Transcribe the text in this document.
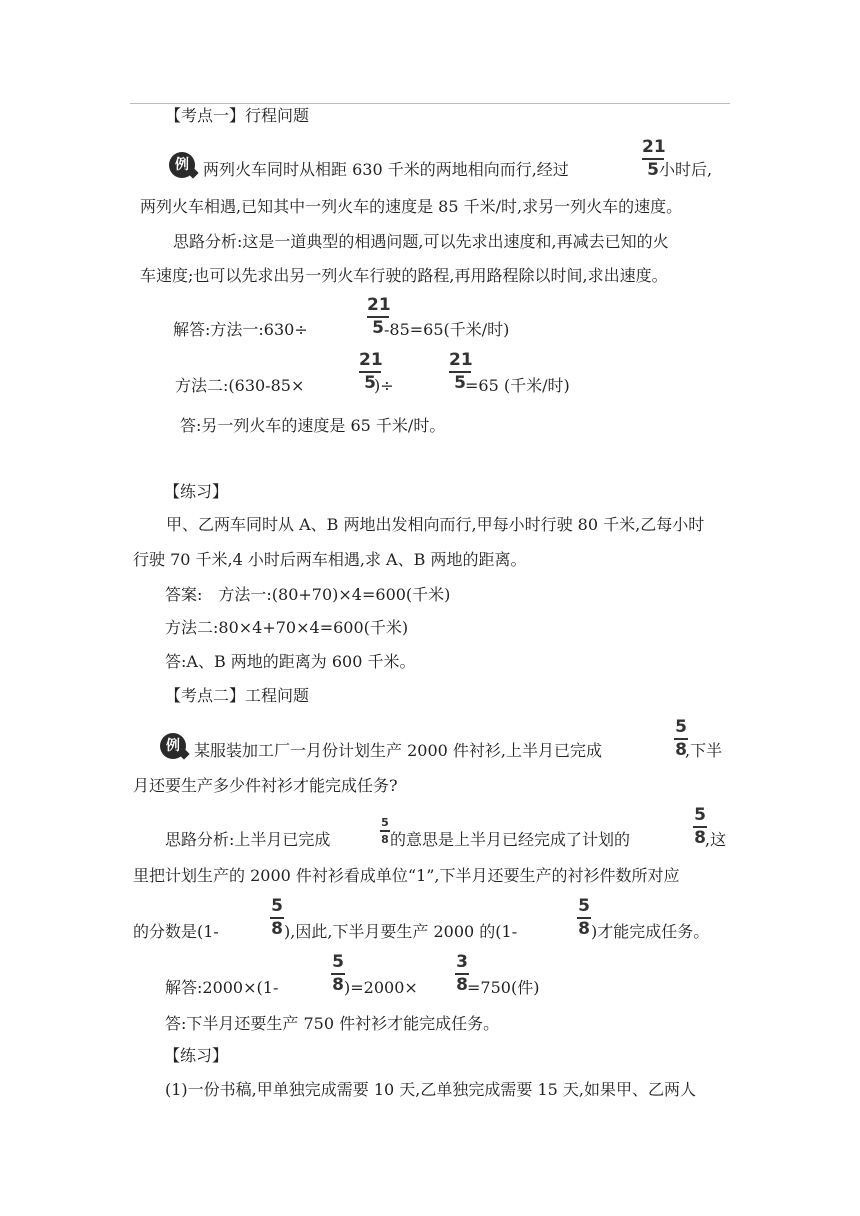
【考点一】行程问题
例 两列火车同时从相距 630 千米的两地相向而行,经过
21
5 小时后,
两列火车相遇,已知其中一列火车的速度是 85 千米/时,求另一列火车的速度。
思路分析:这是一道典型的相遇问题,可以先求出速度和,再减去已知的火
车速度;也可以先求出另一列火车行驶的路程,再用路程除以时间,求出速度。
解答:方法一:630÷
21
5 -85=65(千米/时)
方法二:(630-85×
21
5
)÷
21
5 =65 (千米/时)
答:另一列火车的速度是 65 千米/时。
【练习】
甲、乙两车同时从 A、B 两地出发相向而行,甲每小时行驶 80 千米,乙每小时
行驶 70 千米,4 小时后两车相遇,求 A、B 两地的距离。
答案:　方法一:(80+70)×4=600(千米)
方法二:80×4+70×4=600(千米)
答:A、B 两地的距离为 600 千米。
【考点二】工程问题
例 某服装加工厂一月份计划生产 2000 件衬衫,上半月已完成
5
8
,下半
月还要生产多少件衬衫才能完成任务?
思路分析:上半月已完成
5
8 的意思是上半月已经完成了计划的
5
8 ,这
里把计划生产的 2000 件衬衫看成单位“1”,下半月还要生产的衬衫件数所对应
的分数是(1-
5
8 ),因此,下半月要生产 2000 的(1-
5
8 )才能完成任务。
解答:2000×(1-
5
8 )=2000×
3
8 =750(件)
答:下半月还要生产 750 件衬衫才能完成任务。
【练习】
(1)一份书稿,甲单独完成需要 10 天,乙单独完成需要 15 天,如果甲、乙两人
